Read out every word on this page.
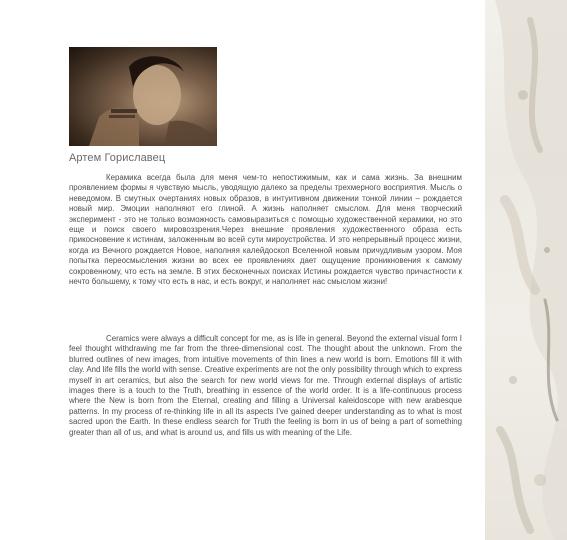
Артем Гориславец
Керамика всегда была для меня чем-то непостижимым, как и сама жизнь. За внешним проявлением формы я чувствую мысль, уводящую далеко за пределы трехмерного восприятия. Мысль о неведомом. В смутных очертаниях новых образов, в интуитивном движении тонкой линии – рождается новый мир. Эмоции наполняют его глиной. А жизнь наполняет смыслом. Для меня творческий эксперимент - это не только возможность самовыразиться с помощью художественной керамики, но это еще и поиск своего мировоззрения.Через внешние проявления художественного образа есть прикосновение к истинам, заложенным во всей сути мироустройства. И это непрерывный процесс жизни, когда из Вечного рождается Новое, наполняя калейдоскоп Вселенной новым причудливым узором. Моя попытка переосмысления жизни во всех ее проявлениях дает ощущение проникновения к самому сокровенному, что есть на земле. В этих бесконечных поисках Истины рождается чувство причастности к нечто большему, к тому что есть в нас, и есть вокруг, и наполняет нас смыслом жизни!
Ceramics were always a difficult concept for me, as is life in general. Beyond the external visual form I feel thought withdrawing me far from the three-dimensional cost. The thought about the unknown. From the blurred outlines of new images, from intuitive movements of thin lines a new world is born. Emotions fill it with clay. And life fills the world with sense. Creative experiments are not the only possibility through which to express myself in art ceramics, but also the search for new world views for me. Through external displays of artistic images there is a touch to the Truth, breathing in essence of the world order. It is a life-continuous process where the New is born from the Eternal, creating and filling a Universal kaleidoscope with new arabesque patterns. In my process of re-thinking life in all its aspects I've gained deeper understanding as to what is most sacred upon the Earth. In these endless search for Truth the feeling is born in us of being a part of something greater than all of us, and what is around us, and fills us with meaning of the Life.
